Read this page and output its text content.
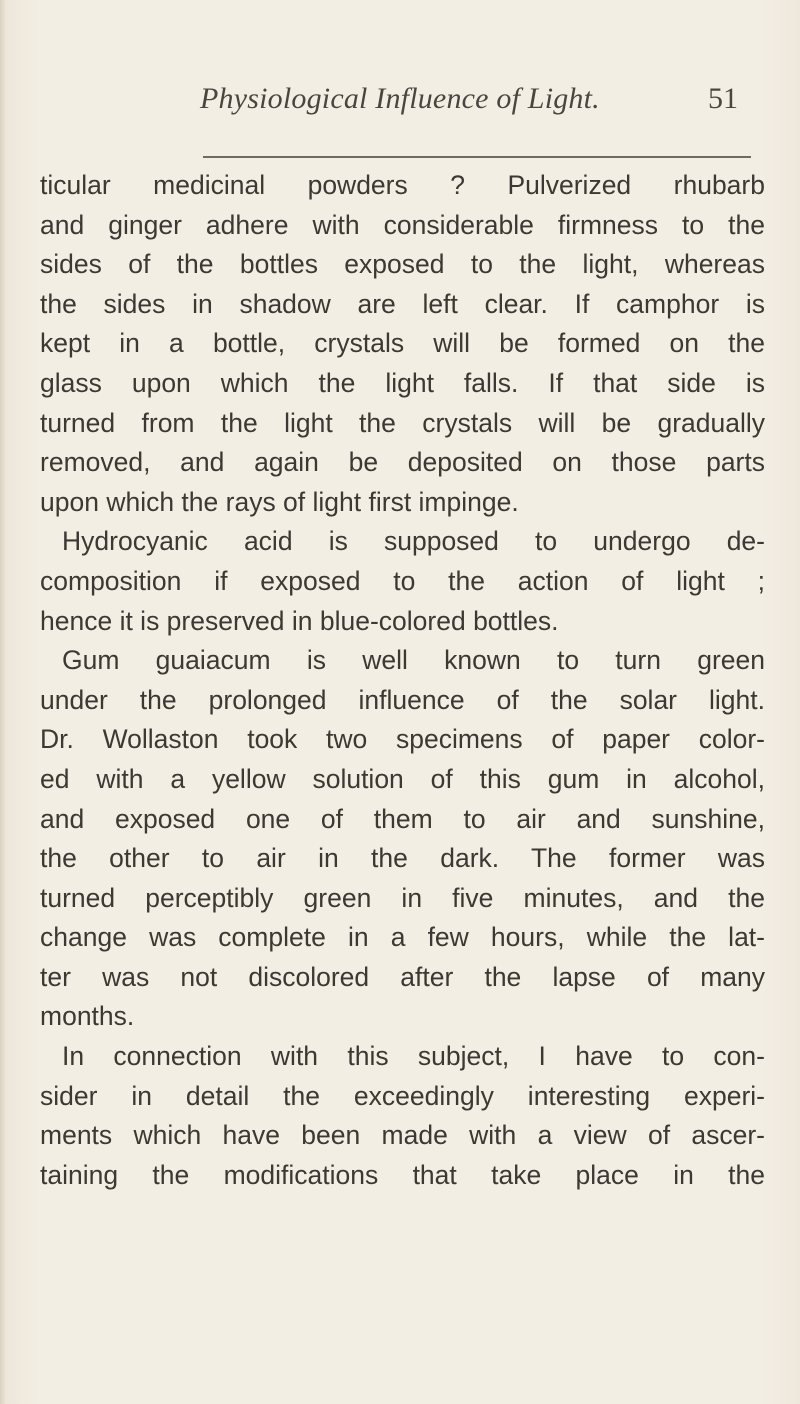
Physiological Influence of Light.	51
ticular medicinal powders ? Pulverized rhubarb
and ginger adhere with considerable firmness to the
sides of the bottles exposed to the light, whereas
the sides in shadow are left clear. If camphor is
kept in a bottle, crystals will be formed on the
glass upon which the light falls. If that side is
turned from the light the crystals will be gradually
removed, and again be deposited on those parts
upon which the rays of light first impinge.
Hydrocyanic acid is supposed to undergo de-
composition if exposed to the action of light ;
hence it is preserved in blue-colored bottles.
Gum guaiacum is well known to turn green
under the prolonged influence of the solar light.
Dr. Wollaston took two specimens of paper color-
ed with a yellow solution of this gum in alcohol,
and exposed one of them to air and sunshine,
the other to air in the dark. The former was
turned perceptibly green in five minutes, and the
change was complete in a few hours, while the lat-
ter was not discolored after the lapse of many
months.
In connection with this subject, I have to con-
sider in detail the exceedingly interesting experi-
ments which have been made with a view of ascer-
taining the modifications that take place in the
